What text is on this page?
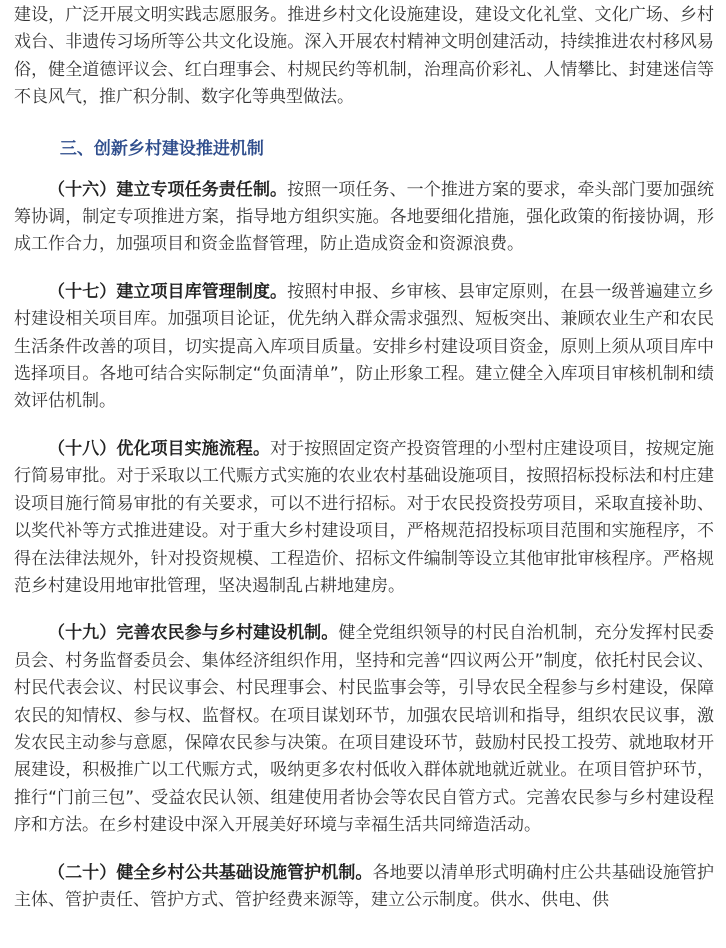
建设，广泛开展文明实践志愿服务。推进乡村文化设施建设，建设文化礼堂、文化广场、乡村戏台、非遗传习场所等公共文化设施。深入开展农村精神文明创建活动，持续推进农村移风易俗，健全道德评议会、红白理事会、村规民约等机制，治理高价彩礼、人情攀比、封建迷信等不良风气，推广积分制、数字化等典型做法。

三、创新乡村建设推进机制

（十六）建立专项任务责任制。按照一项任务、一个推进方案的要求，牵头部门要加强统筹协调，制定专项推进方案，指导地方组织实施。各地要细化措施，强化政策的衔接协调，形成工作合力，加强项目和资金监督管理，防止造成资金和资源浪费。

（十七）建立项目库管理制度。按照村申报、乡审核、县审定原则，在县一级普遍建立乡村建设相关项目库。加强项目论证，优先纳入群众需求强烈、短板突出、兼顾农业生产和农民生活条件改善的项目，切实提高入库项目质量。安排乡村建设项目资金，原则上须从项目库中选择项目。各地可结合实际制定“负面清单”，防止形象工程。建立健全入库项目审核机制和绩效评估机制。

（十八）优化项目实施流程。对于按照固定资产投资管理的小型村庄建设项目，按规定施行简易审批。对于采取以工代赈方式实施的农业农村基础设施项目，按照招标投标法和村庄建设项目施行简易审批的有关要求，可以不进行招标。对于农民投资投劳项目，采取直接补助、以奖代补等方式推进建设。对于重大乡村建设项目，严格规范招投标项目范围和实施程序，不得在法律法规外，针对投资规模、工程造价、招标文件编制等设立其他审批审核程序。严格规范乡村建设用地审批管理，坚决遏制乱占耕地建房。

（十九）完善农民参与乡村建设机制。健全党组织领导的村民自治机制，充分发挥村民委员会、村务监督委员会、集体经济组织作用，坚持和完善“四议两公开”制度，依托村民会议、村民代表会议、村民议事会、村民理事会、村民监事会等，引导农民全程参与乡村建设，保障农民的知情权、参与权、监督权。在项目谋划环节，加强农民培训和指导，组织农民议事，激发农民主动参与意愿，保障农民参与决策。在项目建设环节，鼓励村民投工投劳、就地取材开展建设，积极推广以工代赈方式，吸纳更多农村低收入群体就地就近就业。在项目管护环节，推行“门前三包”、受益农民认领、组建使用者协会等农民自管方式。完善农民参与乡村建设程序和方法。在乡村建设中深入开展美好环境与幸福生活共同缔造活动。

（二十）健全乡村公共基础设施管护机制。各地要以清单形式明确村庄公共基础设施管护主体、管护责任、管护方式、管护经费来源等，建立公示制度。供水、供电、供
